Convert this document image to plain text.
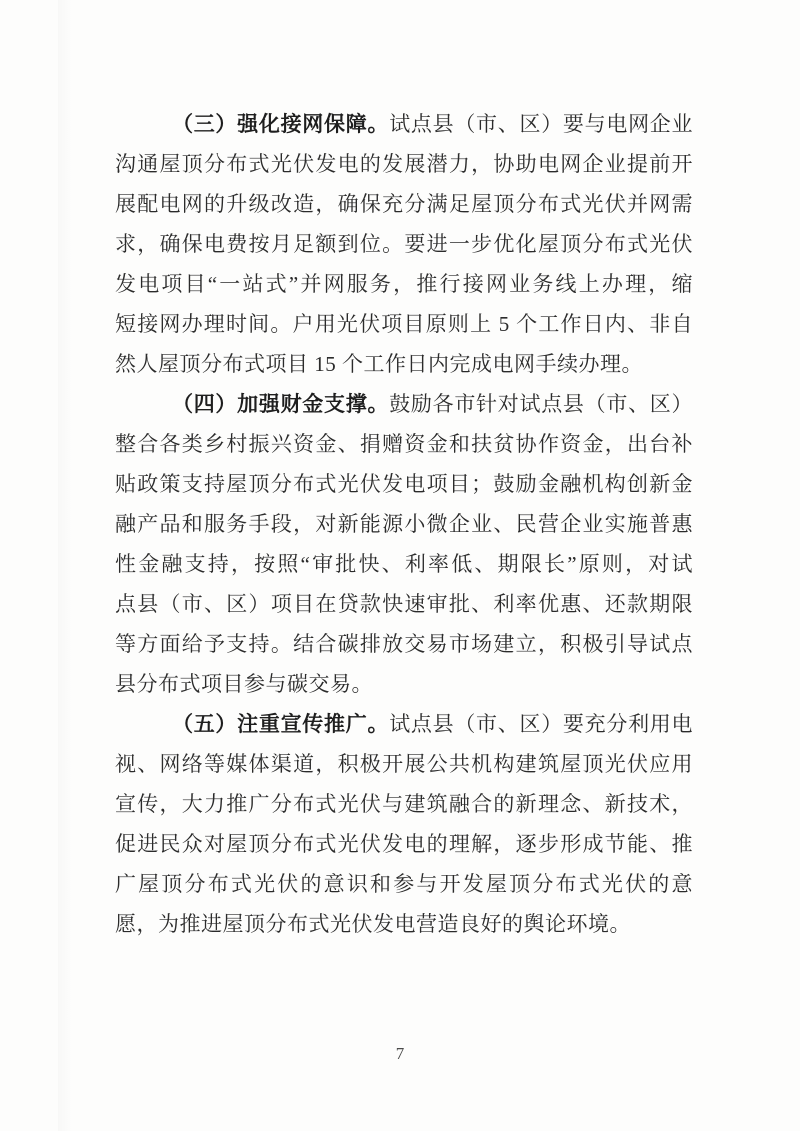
（三）强化接网保障。试点县（市、区）要与电网企业
沟通屋顶分布式光伏发电的发展潜力，协助电网企业提前开
展配电网的升级改造，确保充分满足屋顶分布式光伏并网需
求，确保电费按月足额到位。要进一步优化屋顶分布式光伏
发电项目“一站式”并网服务，推行接网业务线上办理，缩
短接网办理时间。户用光伏项目原则上 5 个工作日内、非自
然人屋顶分布式项目 15 个工作日内完成电网手续办理。
（四）加强财金支撑。鼓励各市针对试点县（市、区）
整合各类乡村振兴资金、捐赠资金和扶贫协作资金，出台补
贴政策支持屋顶分布式光伏发电项目；鼓励金融机构创新金
融产品和服务手段，对新能源小微企业、民营企业实施普惠
性金融支持，按照“审批快、利率低、期限长”原则，对试
点县（市、区）项目在贷款快速审批、利率优惠、还款期限
等方面给予支持。结合碳排放交易市场建立，积极引导试点
县分布式项目参与碳交易。
（五）注重宣传推广。试点县（市、区）要充分利用电
视、网络等媒体渠道，积极开展公共机构建筑屋顶光伏应用
宣传，大力推广分布式光伏与建筑融合的新理念、新技术，
促进民众对屋顶分布式光伏发电的理解，逐步形成节能、推
广屋顶分布式光伏的意识和参与开发屋顶分布式光伏的意
愿，为推进屋顶分布式光伏发电营造良好的舆论环境。
7
